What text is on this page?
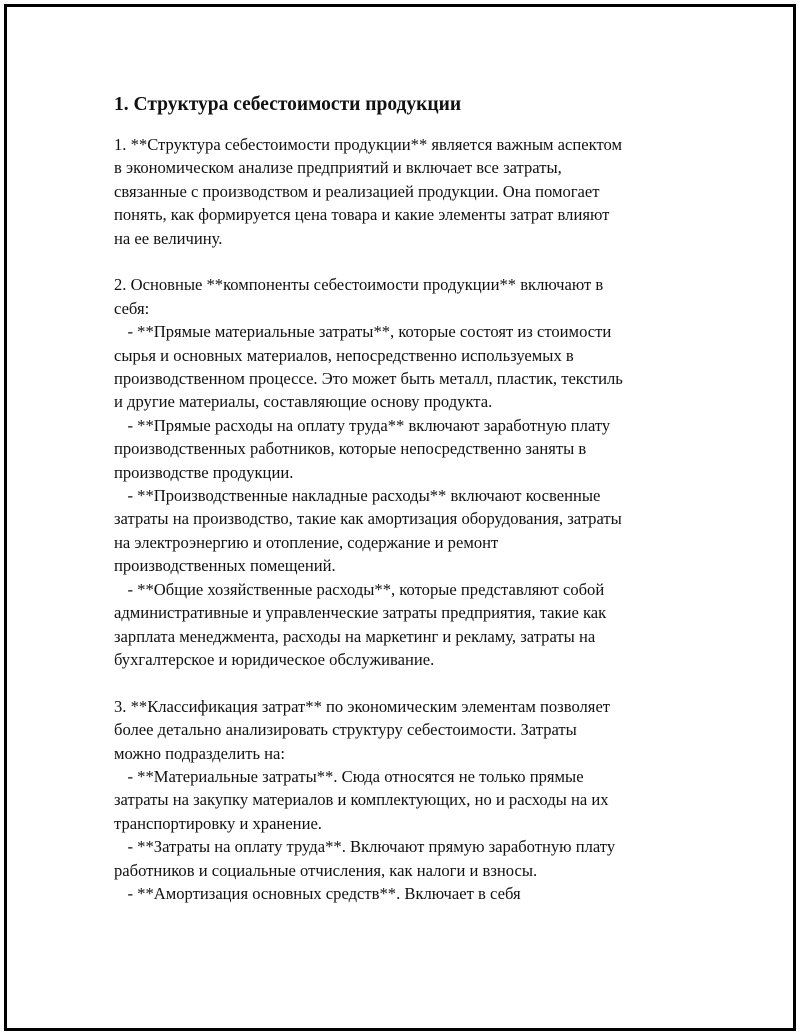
1. Структура себестоимости продукции

1. **Структура себестоимости продукции** является важным аспектом
в экономическом анализе предприятий и включает все затраты,
связанные с производством и реализацией продукции. Она помогает
понять, как формируется цена товара и какие элементы затрат влияют
на ее величину.

2. Основные **компоненты себестоимости продукции** включают в
себя:
- **Прямые материальные затраты**, которые состоят из стоимости
сырья и основных материалов, непосредственно используемых в
производственном процессе. Это может быть металл, пластик, текстиль
и другие материалы, составляющие основу продукта.
- **Прямые расходы на оплату труда** включают заработную плату
производственных работников, которые непосредственно заняты в
производстве продукции.
- **Производственные накладные расходы** включают косвенные
затраты на производство, такие как амортизация оборудования, затраты
на электроэнергию и отопление, содержание и ремонт
производственных помещений.
- **Общие хозяйственные расходы**, которые представляют собой
административные и управленческие затраты предприятия, такие как
зарплата менеджмента, расходы на маркетинг и рекламу, затраты на
бухгалтерское и юридическое обслуживание.

3. **Классификация затрат** по экономическим элементам позволяет
более детально анализировать структуру себестоимости. Затраты
можно подразделить на:
- **Материальные затраты**. Сюда относятся не только прямые
затраты на закупку материалов и комплектующих, но и расходы на их
транспортировку и хранение.
- **Затраты на оплату труда**. Включают прямую заработную плату
работников и социальные отчисления, как налоги и взносы.
- **Амортизация основных средств**. Включает в себя
